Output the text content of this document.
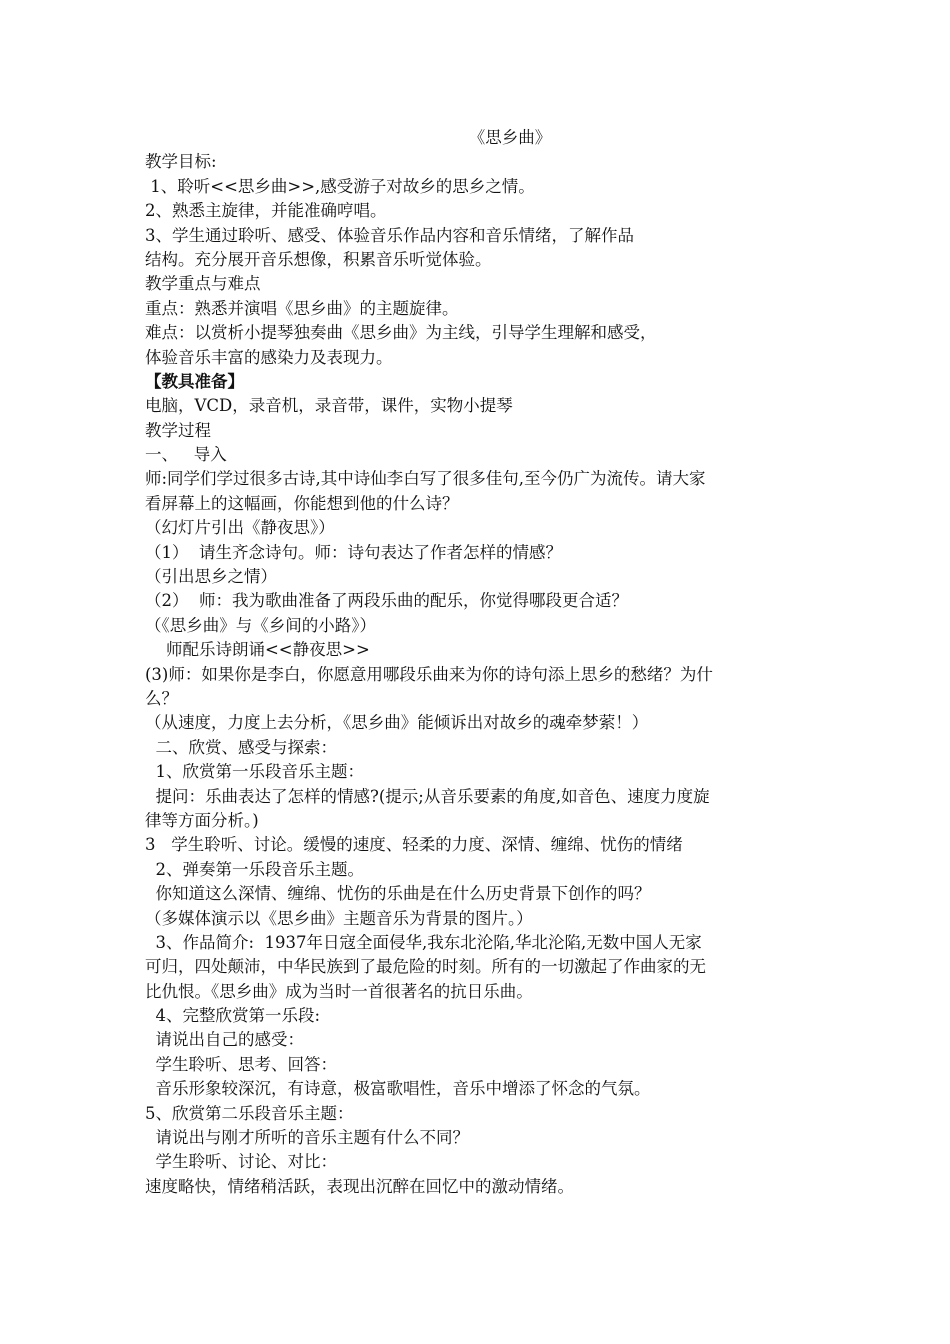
《思乡曲》
教学目标:
1、聆听<<思乡曲>>,感受游子对故乡的思乡之情。
2、熟悉主旋律，并能准确哼唱。
3、学生通过聆听、感受、体验音乐作品内容和音乐情绪，了解作品
结构。充分展开音乐想像，积累音乐听觉体验。
教学重点与难点
重点：熟悉并演唱《思乡曲》的主题旋律。
难点：以赏析小提琴独奏曲《思乡曲》为主线，引导学生理解和感受，
体验音乐丰富的感染力及表现力。
【教具准备】
电脑，VCD，录音机，录音带，课件，实物小提琴
教学过程
一、   导入
师:同学们学过很多古诗,其中诗仙李白写了很多佳句,至今仍广为流传。请大家
看屏幕上的这幅画，你能想到他的什么诗？
（幻灯片引出《静夜思》）
（1）  请生齐念诗句。师：诗句表达了作者怎样的情感？
（引出思乡之情）
（2）  师：我为歌曲准备了两段乐曲的配乐，你觉得哪段更合适？
（《思乡曲》与《乡间的小路》）
师配乐诗朗诵<<静夜思>>
(3)师：如果你是李白，你愿意用哪段乐曲来为你的诗句添上思乡的愁绪？为什
么？
（从速度，力度上去分析，《思乡曲》能倾诉出对故乡的魂牵梦萦！）
二、欣赏、感受与探索：
1、欣赏第一乐段音乐主题：
提问：乐曲表达了怎样的情感?(提示;从音乐要素的角度,如音色、速度力度旋
律等方面分析。)
3   学生聆听、讨论。缓慢的速度、轻柔的力度、深情、缠绵、忧伤的情绪
2、弹奏第一乐段音乐主题。
你知道这么深情、缠绵、忧伤的乐曲是在什么历史背景下创作的吗？
（多媒体演示以《思乡曲》主题音乐为背景的图片。）
3、作品简介:  1937年日寇全面侵华,我东北沦陷,华北沦陷,无数中国人无家
可归，四处颠沛，中华民族到了最危险的时刻。所有的一切激起了作曲家的无
比仇恨。《思乡曲》成为当时一首很著名的抗日乐曲。
4、完整欣赏第一乐段:
请说出自己的感受：
学生聆听、思考、回答：
音乐形象较深沉，有诗意，极富歌唱性，音乐中增添了怀念的气氛。
5、欣赏第二乐段音乐主题：
请说出与刚才所听的音乐主题有什么不同？
学生聆听、讨论、对比：
速度略快，情绪稍活跃，表现出沉醉在回忆中的激动情绪。
